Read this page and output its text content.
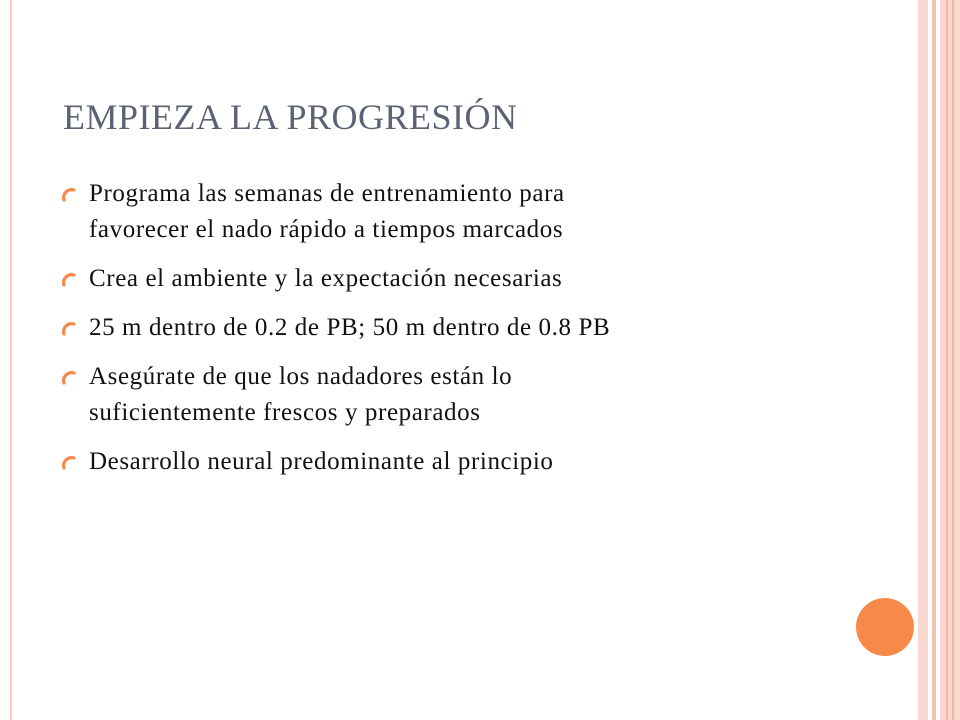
EMPIEZA LA PROGRESIÓN
Programa las semanas de entrenamiento para
favorecer el nado rápido a tiempos marcados
Crea el ambiente y la expectación necesarias
25 m dentro de 0.2 de PB; 50 m dentro de 0.8 PB
Asegúrate de que los nadadores están lo
suficientemente frescos y preparados
Desarrollo neural predominante al principio
